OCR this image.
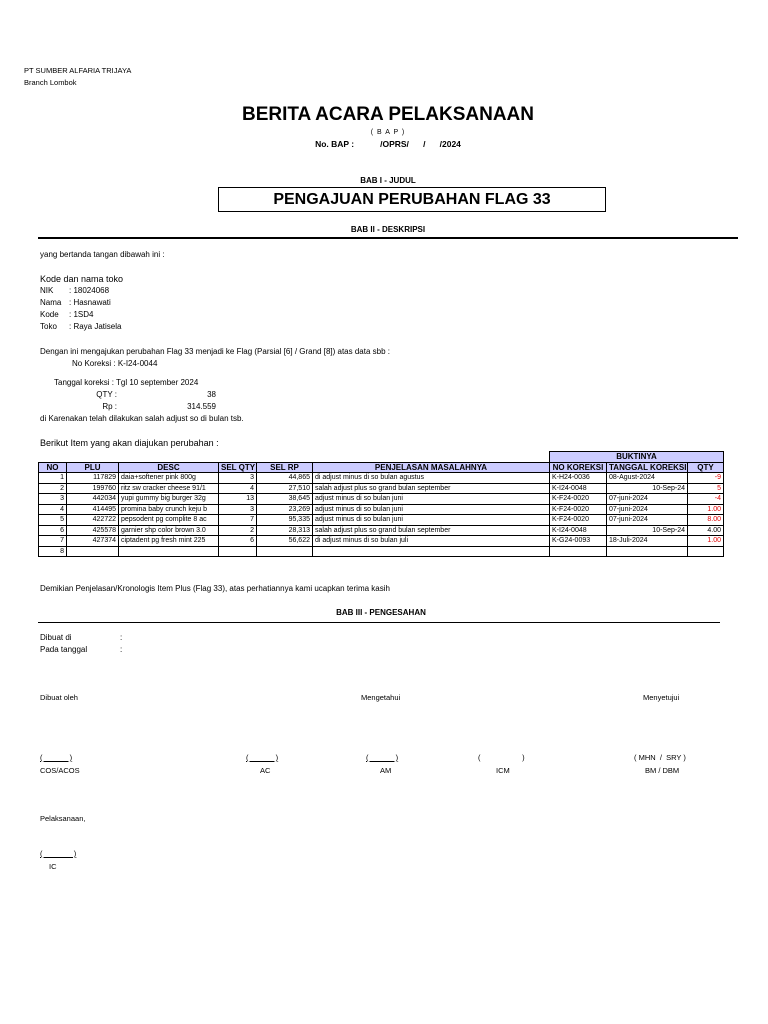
PT SUMBER ALFARIA TRIJAYA
Branch Lombok
BERITA ACARA PELAKSANAAN
( B A P )
No. BAP :           /OPRS/      /      /2024
BAB I - JUDUL
PENGAJUAN PERUBAHAN FLAG 33
BAB II - DESKRIPSI
yang bertanda tangan dibawah ini :
Kode dan nama toko
NIK : 18024068
Nama : Hasnawati
Kode : 1SD4
Toko : Raya Jatisela
Dengan ini mengajukan perubahan Flag 33 menjadi ke Flag (Parsial [6] / Grand [8]) atas data sbb :
No Koreksi : K-I24-0044
Tanggal koreksi : Tgl 10 september 2024
QTY :	38
Rp :	314.559
di Karenakan telah dilakukan salah adjust so di bulan tsb.
Berikut Item yang akan diajukan perubahan :
						BUKTINYA		
NO	PLU	DESC	SEL QTY	SEL RP	PENJELASAN MASALAHNYA	NO KOREKSI	TANGGAL KOREKSI	QTY
1	117829	daia+softener pink 800g	3	44,865	di adjust minus di so bulan agustus	K-H24-0036	08-Agust-2024	-9
2	199760	ritz sw cracker cheese 91/1	4	27,510	salah adjust plus so grand bulan september	K-I24-0048	10-Sep-24	5
3	442034	yupi gummy big burger 32g	13	38,645	adjust minus di so bulan juni	K-F24-0020	07-juni-2024	-4
4	414495	promina baby crunch keju b	3	23,269	adjust minus di so bulan juni	K-F24-0020	07-juni-2024	1.00
5	422722	pepsodent pg complite 8 ac	7	95,335	adjust minus di so bulan juni	K-F24-0020	07-juni-2024	8.00
6	425578	garnier shp color brown 3.0	2	28,313	salah adjust plus so grand bulan september	K-I24-0048	10-Sep-24	4.00
7	427374	ciptadent pg fresh mint 225	6	56,622	di adjust minus di so bulan juli	K-G24-0093	18-Juli-2024	1.00
8								
Demikian Penjelasan/Kronologis Item Plus (Flag 33), atas perhatiannya kami ucapkan terima kasih
BAB III - PENGESAHAN
Dibuat di	:
Pada tanggal	:
Dibuat oleh	Mengetahui	Menyetujui
(             )	(             )	(             )	(                    )	( MHN  /  SRY )
COS/ACOS	AC	AM	ICM	BM / DBM
Pelaksanaan,
(               )
IC
